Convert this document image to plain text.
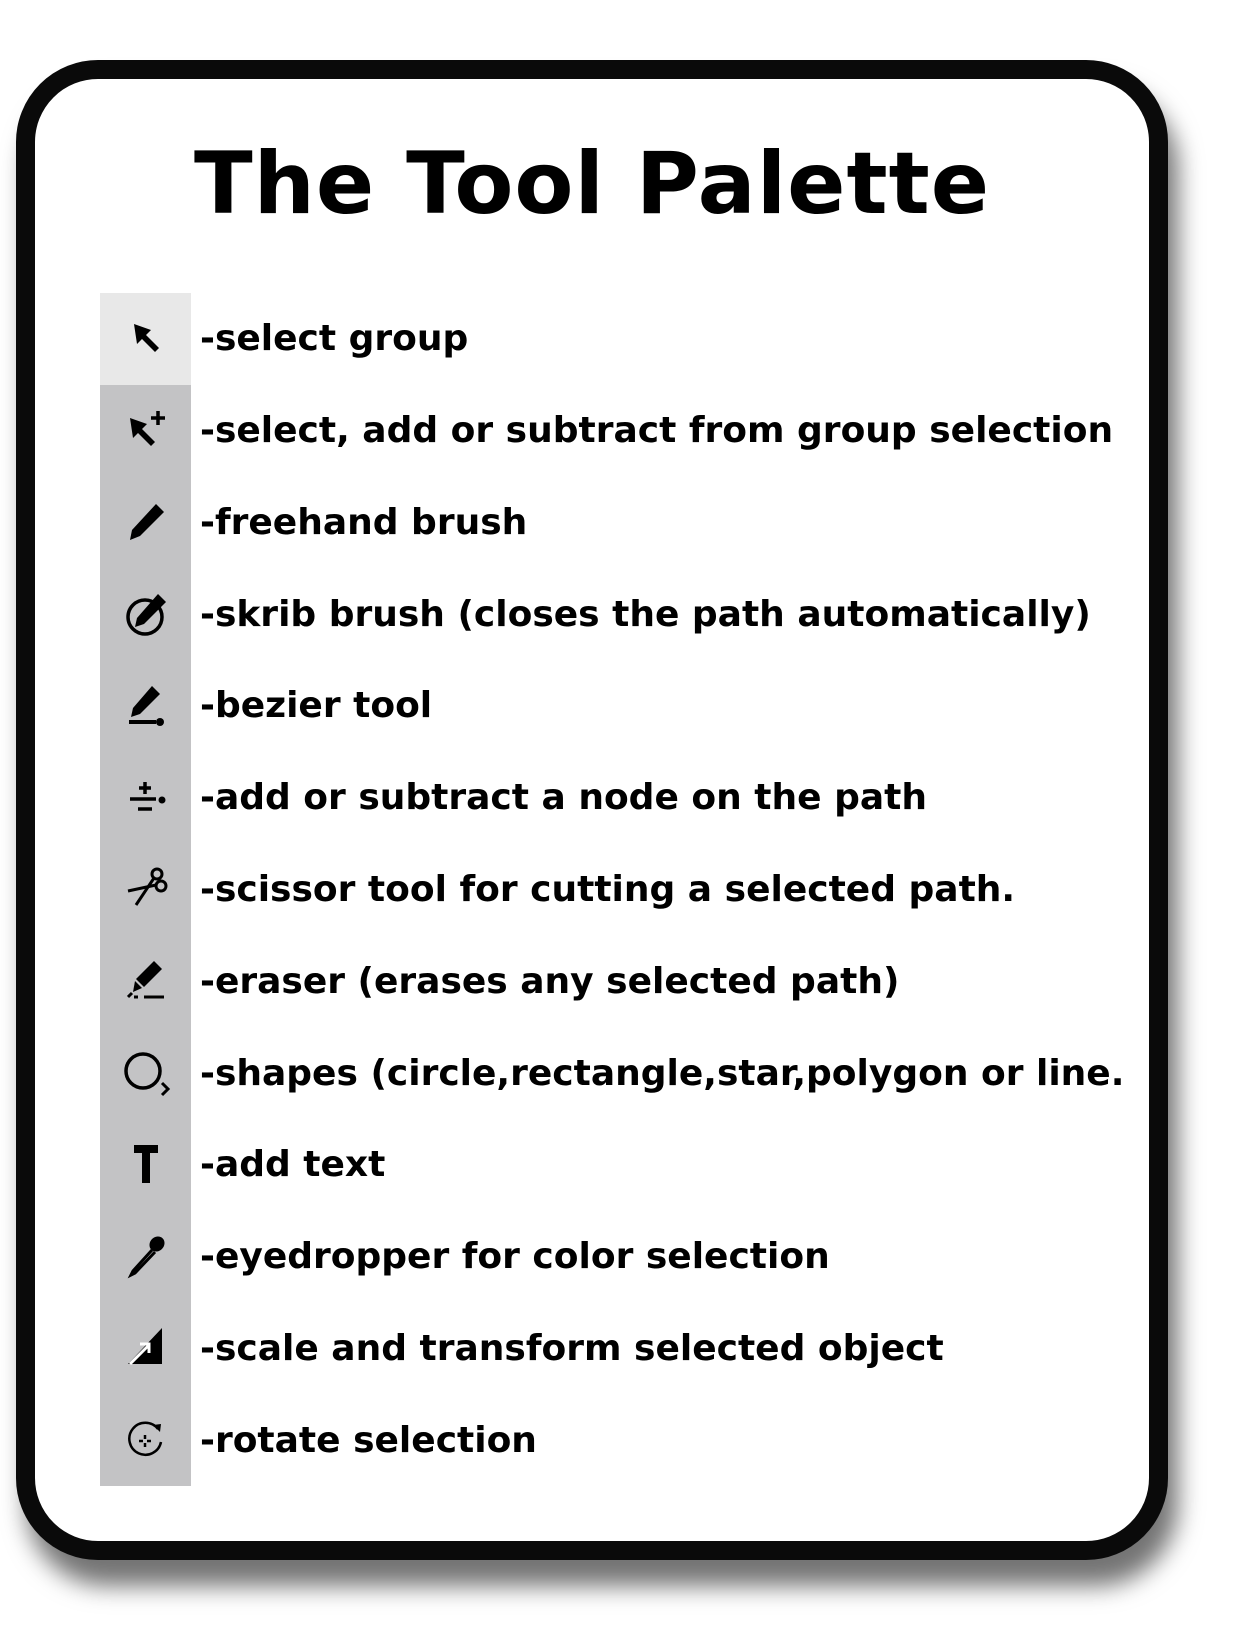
The Tool Palette
-select group
-select, add or subtract from group selection
-freehand brush
-skrib brush (closes the path automatically)
-bezier tool
-add or subtract a node on the path
-scissor tool for cutting a selected path.
-eraser (erases any selected path)
-shapes (circle,rectangle,star,polygon or line.
-add text
-eyedropper for color selection
-scale and transform selected object
-rotate selection
